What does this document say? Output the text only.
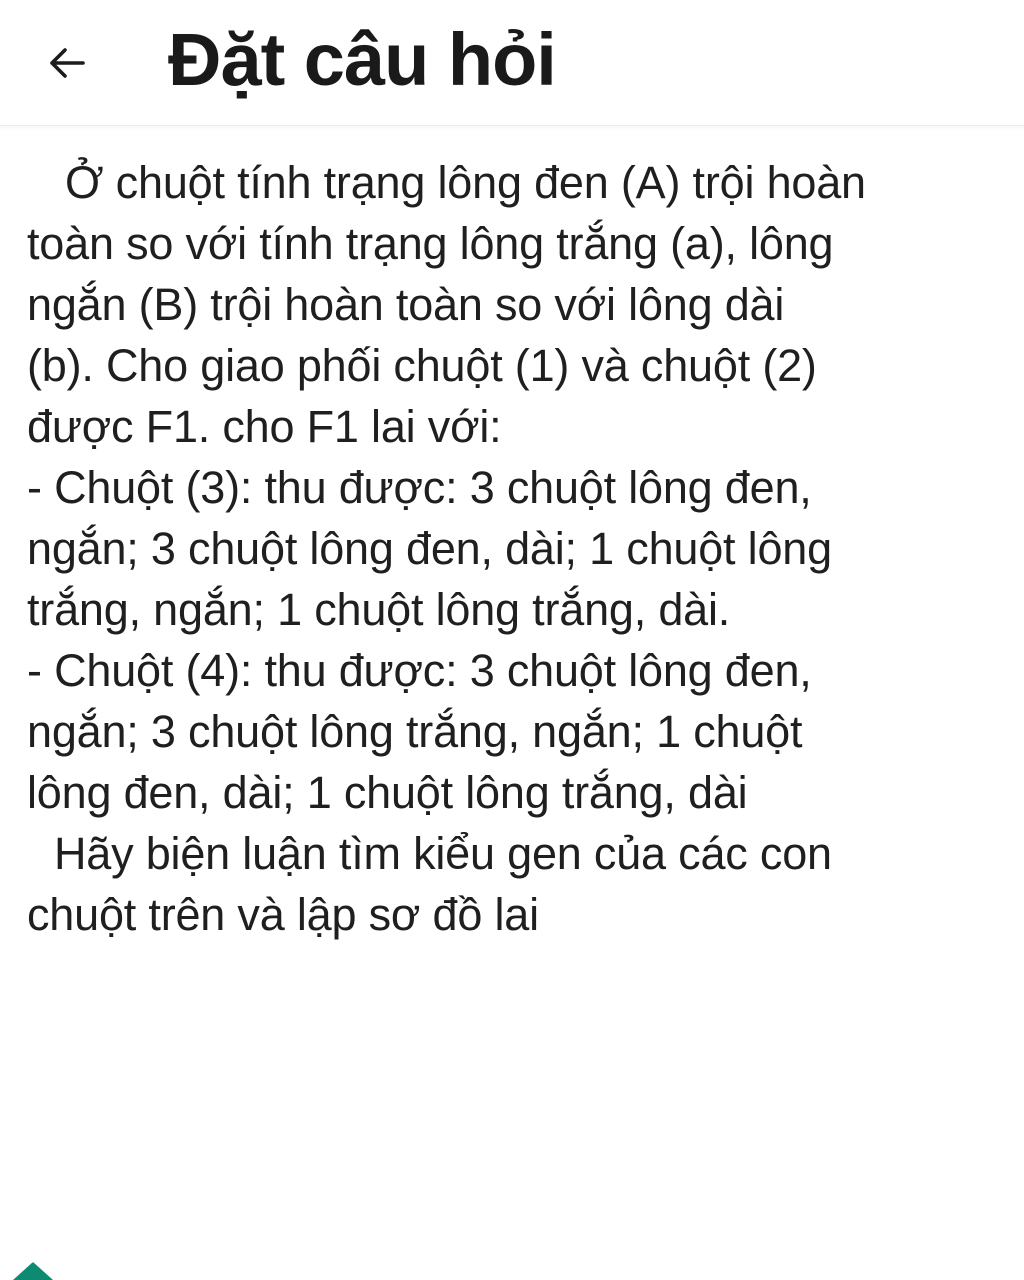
Đặt câu hỏi
Ở chuột tính trạng lông đen (A) trội hoàn
toàn so với tính trạng lông trắng (a), lông
ngắn (B) trội hoàn toàn so với lông dài
(b). Cho giao phối chuột (1) và chuột (2)
được F1. cho F1 lai với:
- Chuột (3): thu được: 3 chuột lông đen,
ngắn; 3 chuột lông đen, dài; 1 chuột lông
trắng, ngắn; 1 chuột lông trắng, dài.
- Chuột (4): thu được: 3 chuột lông đen,
ngắn; 3 chuột lông trắng, ngắn; 1 chuột
lông đen, dài; 1 chuột lông trắng, dài
Hãy biện luận tìm kiểu gen của các con
chuột trên và lập sơ đồ lai
